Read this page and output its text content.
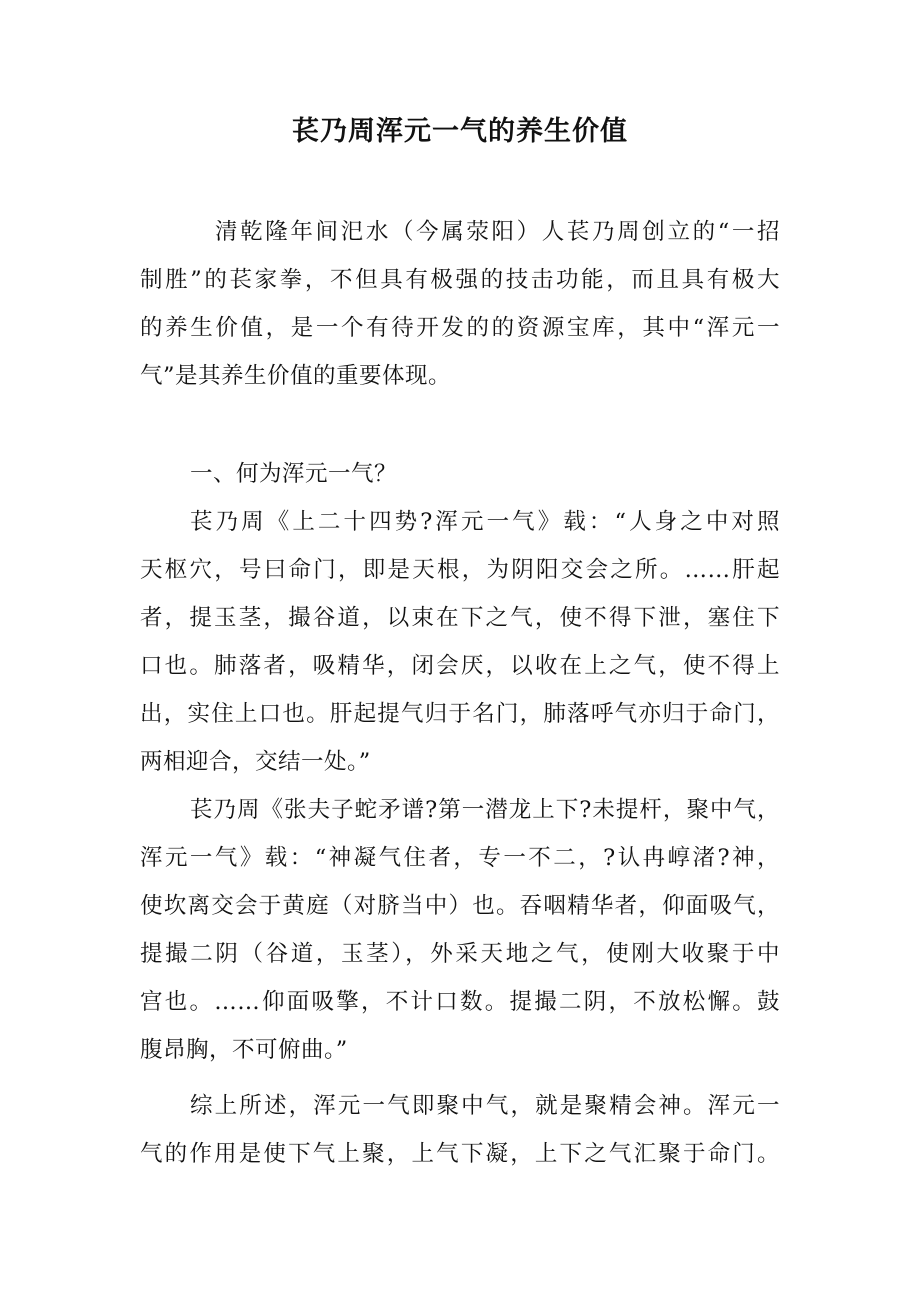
苌乃周浑元一气的养生价值
清乾隆年间汜水（今属荥阳）人苌乃周创立的“一招
制胜”的苌家拳，不但具有极强的技击功能，而且具有极大
的养生价值，是一个有待开发的的资源宝库，其中“浑元一
气”是其养生价值的重要体现。
一、何为浑元一气？
苌乃周《上二十四势?浑元一气》载：“人身之中对照
天枢穴，号曰命门，即是天根，为阴阳交会之所。……肝起
者，提玉茎，撮谷道，以束在下之气，使不得下泄，塞住下
口也。肺落者，吸精华，闭会厌，以收在上之气，使不得上
出，实住上口也。肝起提气归于名门，肺落呼气亦归于命门，
两相迎合，交结一处。”
苌乃周《张夫子蛇矛谱?第一潜龙上下?未提杆，聚中气，
浑元一气》载：“神凝气住者，专一不二，?认冉崞渚?神，
使坎离交会于黄庭（对脐当中）也。吞咽精华者，仰面吸气，
提撮二阴（谷道，玉茎），外采天地之气，使刚大收聚于中
宫也。……仰面吸擎，不计口数。提撮二阴，不放松懈。鼓
腹昂胸，不可俯曲。”
综上所述，浑元一气即聚中气，就是聚精会神。浑元一
气的作用是使下气上聚，上气下凝，上下之气汇聚于命门。
